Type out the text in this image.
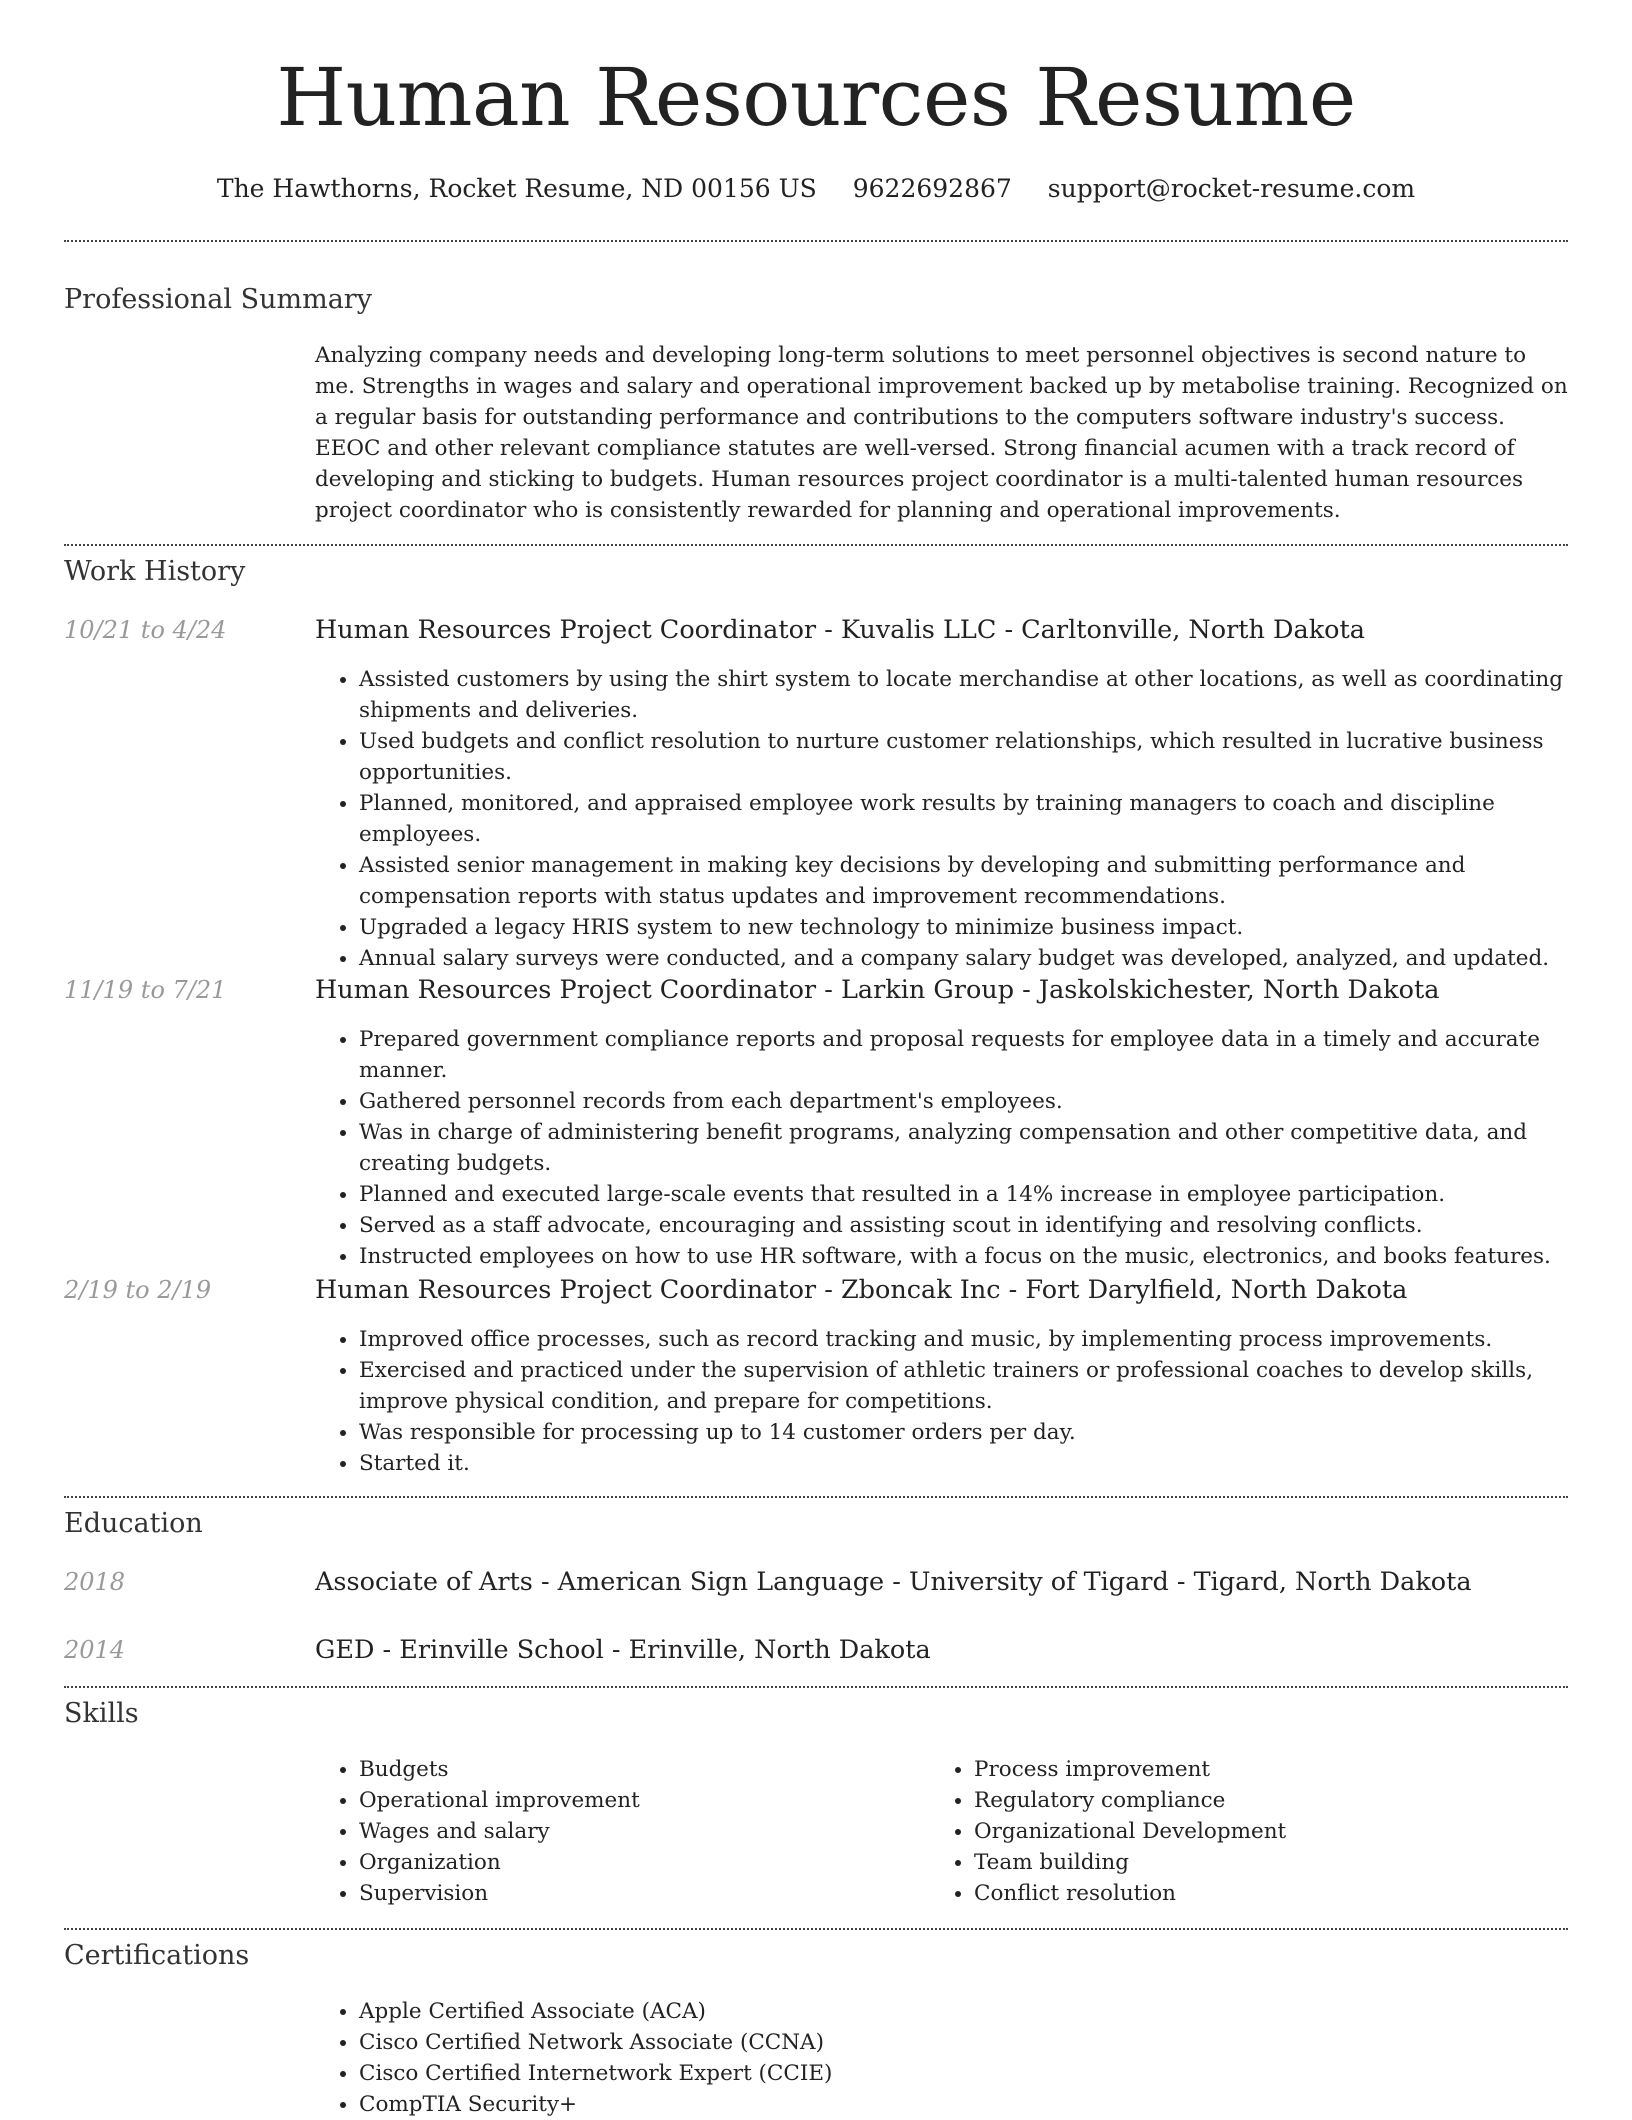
Human Resources Resume
The Hawthorns, Rocket Resume, ND 00156 US 9622692867 support@rocket-resume.com
Professional Summary

Analyzing company needs and developing long-term solutions to meet personnel objectives is second nature to me. Strengths in wages and salary and operational improvement backed up by metabolise training. Recognized on a regular basis for outstanding performance and contributions to the computers software industry's success. EEOC and other relevant compliance statutes are well-versed. Strong financial acumen with a track record of developing and sticking to budgets. Human resources project coordinator is a multi-talented human resources project coordinator who is consistently rewarded for planning and operational improvements.

Work History
10/21 to 4/24	Human Resources Project Coordinator - Kuvalis LLC - Carltonville, North Dakota
• Assisted customers by using the shirt system to locate merchandise at other locations, as well as coordinating shipments and deliveries.
• Used budgets and conflict resolution to nurture customer relationships, which resulted in lucrative business opportunities.
• Planned, monitored, and appraised employee work results by training managers to coach and discipline employees.
• Assisted senior management in making key decisions by developing and submitting performance and compensation reports with status updates and improvement recommendations.
• Upgraded a legacy HRIS system to new technology to minimize business impact.
• Annual salary surveys were conducted, and a company salary budget was developed, analyzed, and updated.
11/19 to 7/21	Human Resources Project Coordinator - Larkin Group - Jaskolskichester, North Dakota
• Prepared government compliance reports and proposal requests for employee data in a timely and accurate manner.
• Gathered personnel records from each department's employees.
• Was in charge of administering benefit programs, analyzing compensation and other competitive data, and creating budgets.
• Planned and executed large-scale events that resulted in a 14% increase in employee participation.
• Served as a staff advocate, encouraging and assisting scout in identifying and resolving conflicts.
• Instructed employees on how to use HR software, with a focus on the music, electronics, and books features.
2/19 to 2/19	Human Resources Project Coordinator - Zboncak Inc - Fort Darylfield, North Dakota
• Improved office processes, such as record tracking and music, by implementing process improvements.
• Exercised and practiced under the supervision of athletic trainers or professional coaches to develop skills, improve physical condition, and prepare for competitions.
• Was responsible for processing up to 14 customer orders per day.
• Started it.
Education
2018	Associate of Arts - American Sign Language - University of Tigard - Tigard, North Dakota
2014	GED - Erinville School - Erinville, North Dakota
Skills
• Budgets
• Operational improvement
• Wages and salary
• Organization
• Supervision
• Process improvement
• Regulatory compliance
• Organizational Development
• Team building
• Conflict resolution
Certifications
• Apple Certified Associate (ACA)
• Cisco Certified Network Associate (CCNA)
• Cisco Certified Internetwork Expert (CCIE)
• CompTIA Security+
